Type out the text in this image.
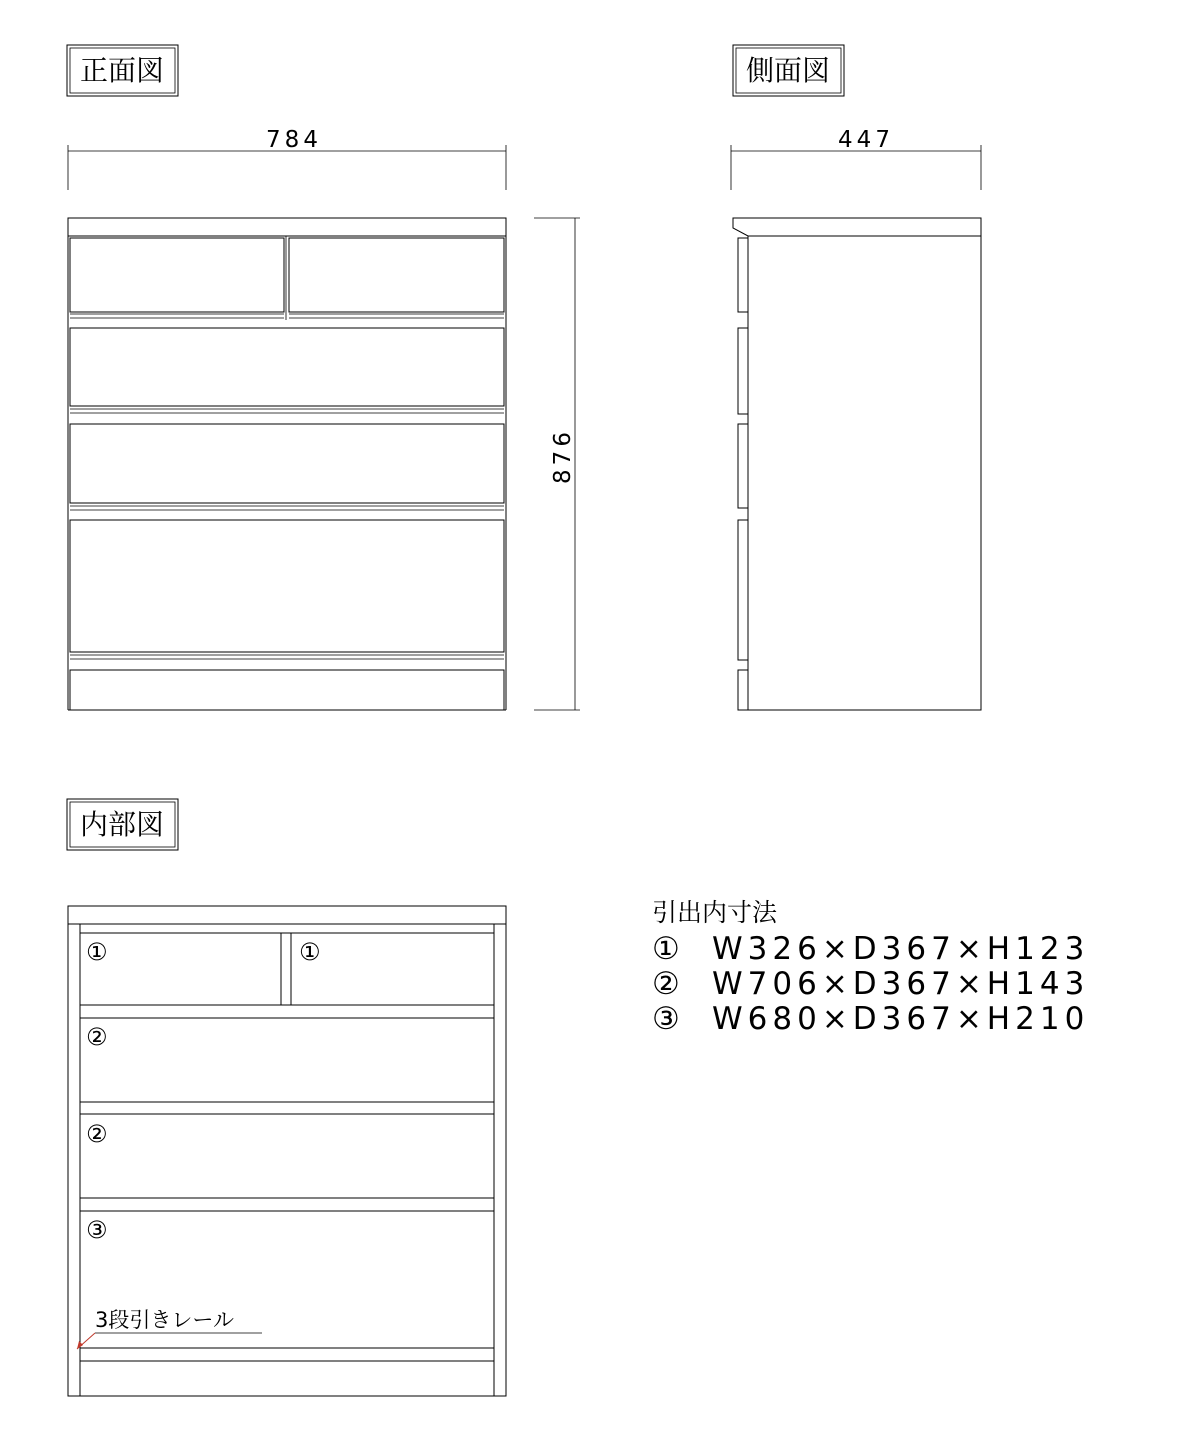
正面図
784
876
側面図
447
内部図
①	①
②
②
③
3段引きレール
引出内寸法
① W326×D367×H123
② W706×D367×H143
③ W680×D367×H210
